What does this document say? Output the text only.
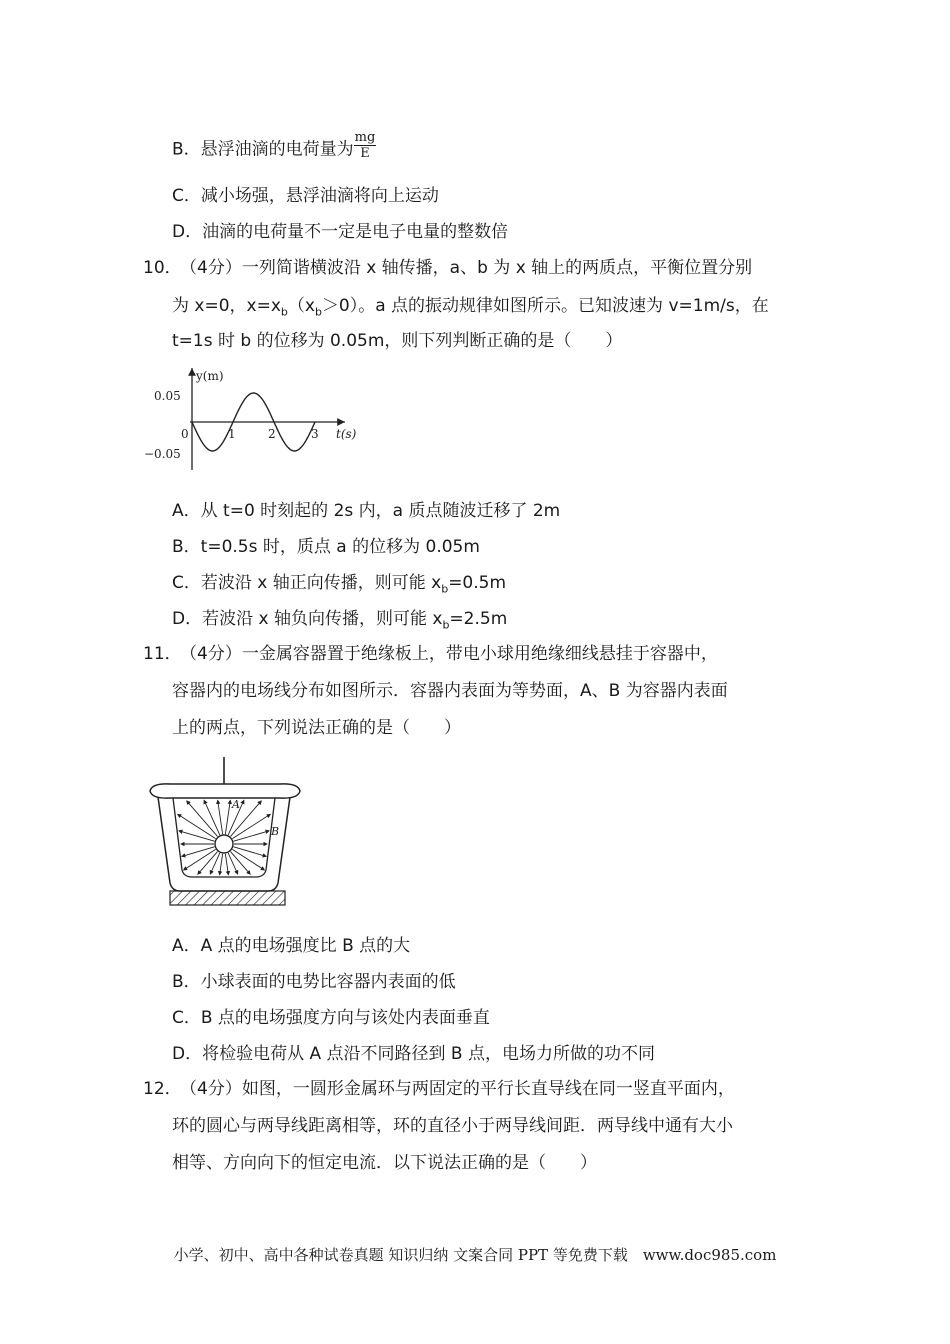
B．悬浮油滴的电荷量为 $\frac{mg}{E}$
C．减小场强，悬浮油滴将向上运动
D．油滴的电荷量不一定是电子电量的整数倍
10．
（4分）一列简谐横波沿 x 轴传播，a、b 为 x 轴上的两质点，平衡位置分别
为 x=0，$x=x_b(x_b>0)$。a 点的振动规律如图所示。已知波速为 v=1m/s，在
t=1s 时 b 的位移为 0.05m，则下列判断正确的是（　　）
y(m)
t(s)
0.05
−0.05
0	1	2	3
A．从 t=0 时刻起的 2s 内，a 质点随波迁移了 2m
B．t=0.5s 时，质点 a 的位移为 0.05m
C．若波沿 x 轴正向传播，则可能 $x_b=0.5m$
D．若波沿 x 轴负向传播，则可能 $x_b=2.5m$
11．
（4分）一金属容器置于绝缘板上，带电小球用绝缘细线悬挂于容器中，
容器内的电场线分布如图所示．容器内表面为等势面，A、B 为容器内表面
上的两点，下列说法正确的是（　　）
A
B
A．A 点的电场强度比 B 点的大
B．小球表面的电势比容器内表面的低
C．B 点的电场强度方向与该处内表面垂直
D．将检验电荷从 A 点沿不同路径到 B 点，电场力所做的功不同
12．
（4分）如图，一圆形金属环与两固定的平行长直导线在同一竖直平面内，
环的圆心与两导线距离相等，环的直径小于两导线间距．两导线中通有大小
相等、方向向下的恒定电流．以下说法正确的是（　　）
小学、初中、高中各种试卷真题 知识归纳 文案合同 PPT 等免费下载　www.doc985.com
